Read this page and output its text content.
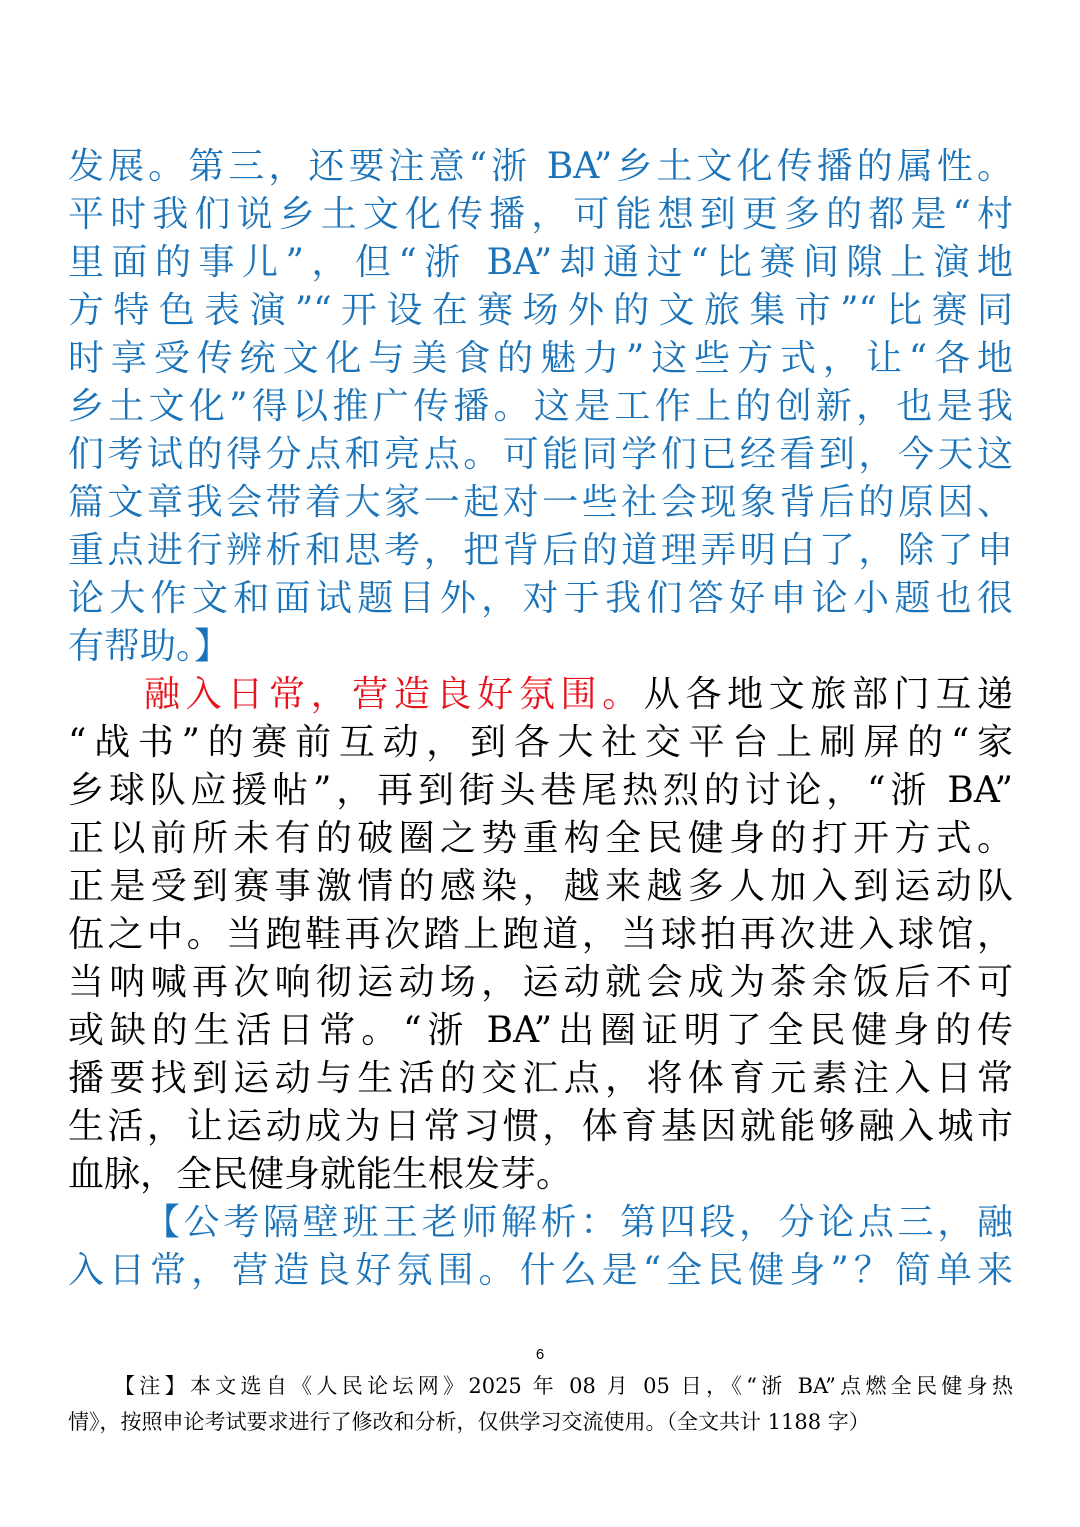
发展。第三，还要注意“浙 BA”乡土文化传播的属性。
平时我们说乡土文化传播，可能想到更多的都是“村
里面的事儿”，但“浙 BA”却通过“比赛间隙上演地
方特色表演”“开设在赛场外的文旅集市”“比赛同
时享受传统文化与美食的魅力”这些方式，让“各地
乡土文化”得以推广传播。这是工作上的创新，也是我
们考试的得分点和亮点。可能同学们已经看到，今天这
篇文章我会带着大家一起对一些社会现象背后的原因、
重点进行辨析和思考，把背后的道理弄明白了，除了申
论大作文和面试题目外，对于我们答好申论小题也很
有帮助。】
融入日常，营造良好氛围。从各地文旅部门互递
“战书”的赛前互动，到各大社交平台上刷屏的“家
乡球队应援帖”，再到街头巷尾热烈的讨论，“浙 BA”
正以前所未有的破圈之势重构全民健身的打开方式。
正是受到赛事激情的感染，越来越多人加入到运动队
伍之中。当跑鞋再次踏上跑道，当球拍再次进入球馆，
当呐喊再次响彻运动场，运动就会成为茶余饭后不可
或缺的生活日常。“浙 BA”出圈证明了全民健身的传
播要找到运动与生活的交汇点，将体育元素注入日常
生活，让运动成为日常习惯，体育基因就能够融入城市
血脉，全民健身就能生根发芽。
【公考隔壁班王老师解析：第四段，分论点三，融
入日常，营造良好氛围。什么是“全民健身”？简单来
6
【注】本文选自《人民论坛网》2025 年 08 月 05 日，《“浙 BA”点燃全民健身热
情》，按照申论考试要求进行了修改和分析，仅供学习交流使用。（全文共计 1188 字）
